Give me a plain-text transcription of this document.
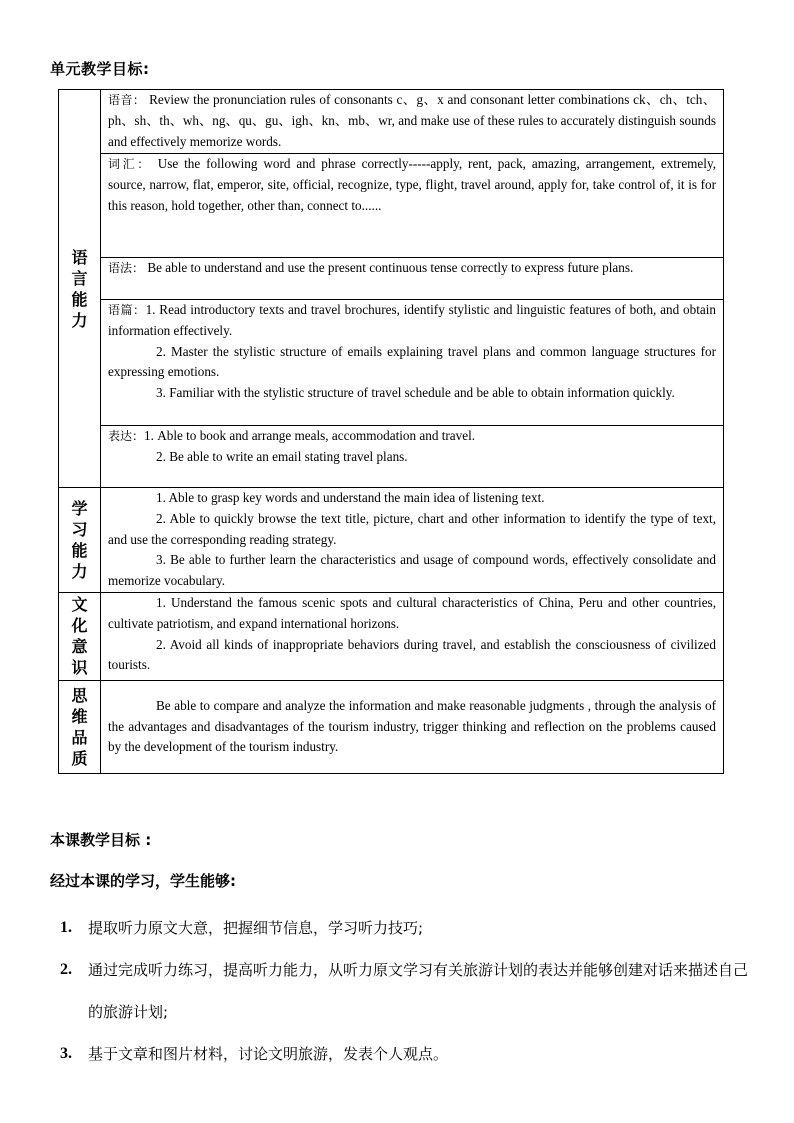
单元教学目标:
语言能力	语音： Review the pronunciation rules of consonants c、g、x and consonant letter combinations ck、ch、tch、ph、sh、th、wh、ng、qu、gu、igh、kn、mb、wr, and make use of these rules to accurately distinguish sounds and effectively memorize words.
	词汇： Use the following word and phrase correctly-----apply, rent, pack, amazing, arrangement, extremely, source, narrow, flat, emperor, site, official, recognize, type, flight, travel around, apply for, take control of, it is for this reason, hold together, other than, connect to......
	语法： Be able to understand and use the present continuous tense correctly to express future plans.

	语篇：1. Read introductory texts and travel brochures, identify stylistic and linguistic features of both, and obtain information effectively.
2. Master the stylistic structure of emails explaining travel plans and common language structures for expressing emotions.
3. Familiar with the stylistic structure of travel schedule and be able to obtain information quickly.

	表达：1. Able to book and arrange meals, accommodation and travel.
2. Be able to write an email stating travel plans.

学习能力	1. Able to grasp key words and understand the main idea of listening text.
2. Able to quickly browse the text title, picture, chart and other information to identify the type of text, and use the corresponding reading strategy.
3. Be able to further learn the characteristics and usage of compound words, effectively consolidate and memorize vocabulary.

文化意识	1. Understand the famous scenic spots and cultural characteristics of China, Peru and other countries, cultivate patriotism, and expand international horizons.
2. Avoid all kinds of inappropriate behaviors during travel, and establish the consciousness of civilized tourists.

思维品质	Be able to compare and analyze the information and make reasonable judgments , through the analysis of the advantages and disadvantages of the tourism industry, trigger thinking and reflection on the problems caused by the development of the tourism industry.
本课教学目标 :
经过本课的学习，学生能够:
1.	提取听力原文大意，把握细节信息，学习听力技巧;
2.	通过完成听力练习，提高听力能力，从听力原文学习有关旅游计划的表达并能够创建对话来描述自己的旅游计划;
3.	基于文章和图片材料，讨论文明旅游，发表个人观点。
